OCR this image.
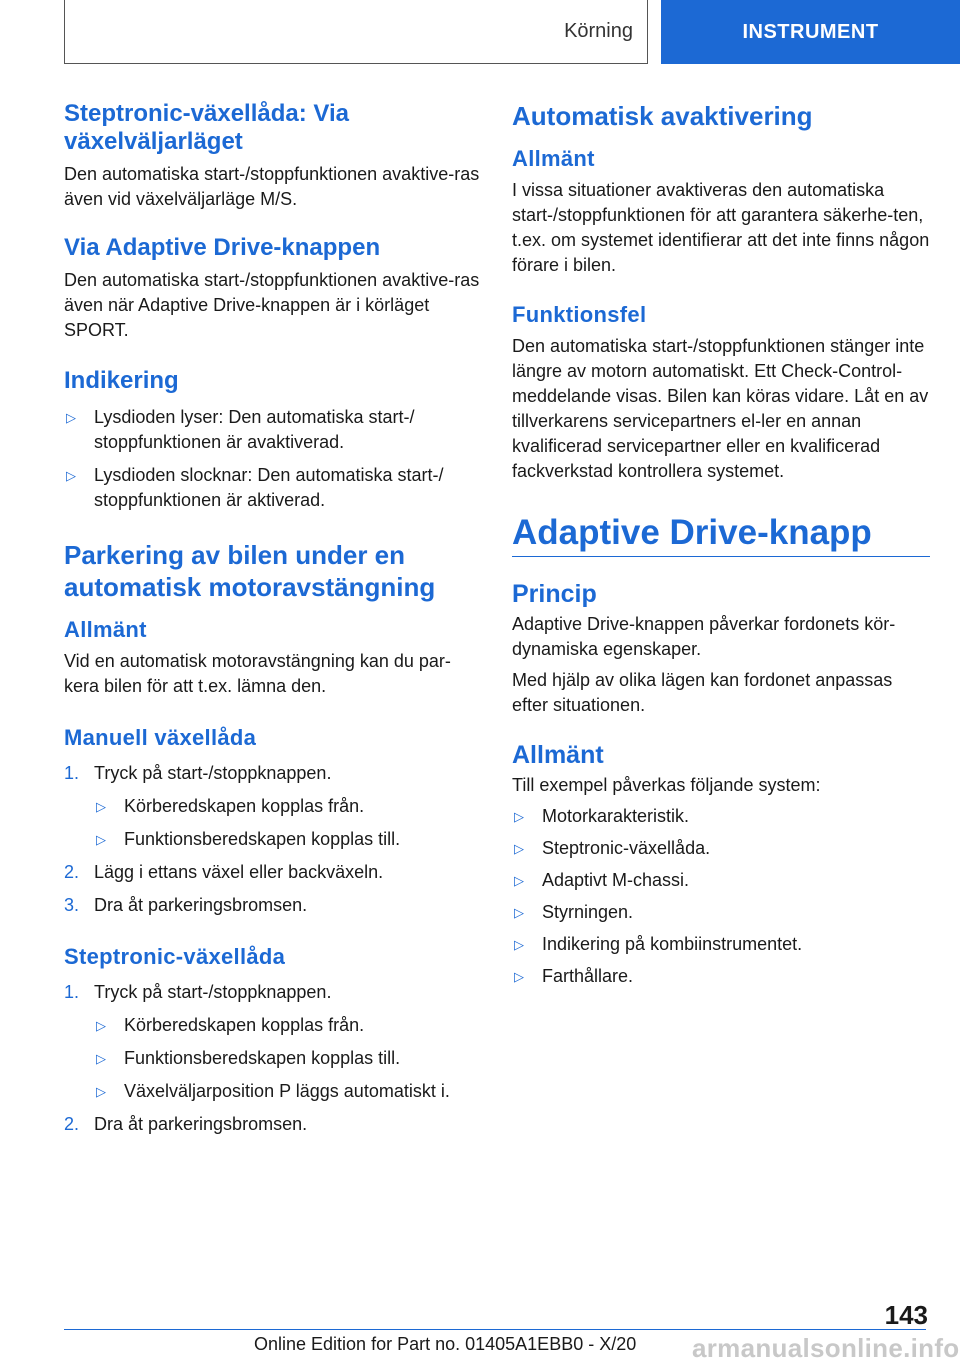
Körning	INSTRUMENT
Steptronic-växellåda: Via växelväljarläget

Den automatiska start-/stoppfunktionen avaktive-ras även vid växelväljarläge M/S.

Via Adaptive Drive-knappen

Den automatiska start-/stoppfunktionen avaktive-ras även när Adaptive Drive-knappen är i körläget SPORT.

Indikering
▷ Lysdioden lyser: Den automatiska start-/ stoppfunktionen är avaktiverad.
▷ Lysdioden slocknar: Den automatiska start-/ stoppfunktionen är aktiverad.
Parkering av bilen under en automatisk motoravstängning
Allmänt

Vid en automatisk motoravstängning kan du par-kera bilen för att t.ex. lämna den.

Manuell växellåda
1. Tryck på start-/stoppknappen.
▷ Körberedskapen kopplas från.
▷ Funktionsberedskapen kopplas till.
2. Lägg i ettans växel eller backväxeln.
3. Dra åt parkeringsbromsen.
Steptronic-växellåda
1. Tryck på start-/stoppknappen.
▷ Körberedskapen kopplas från.
▷ Funktionsberedskapen kopplas till.
▷ Växelväljarposition P läggs automatiskt i.
2. Dra åt parkeringsbromsen.
Automatisk avaktivering
Allmänt

I vissa situationer avaktiveras den automatiska start-/stoppfunktionen för att garantera säkerhe-ten, t.ex. om systemet identifierar att det inte finns någon förare i bilen.

Funktionsfel

Den automatiska start-/stoppfunktionen stänger inte längre av motorn automatiskt. Ett Check-Control-meddelande visas. Bilen kan köras vidare. Låt en av tillverkarens servicepartners el-ler en annan kvalificerad servicepartner eller en kvalificerad fackverkstad kontrollera systemet.

Adaptive Drive-knapp
Princip

Adaptive Drive-knappen påverkar fordonets kör-dynamiska egenskaper.

Med hjälp av olika lägen kan fordonet anpassas efter situationen.

Allmänt

Till exempel påverkas följande system:

▷ Motorkarakteristik.
▷ Steptronic-växellåda.
▷ Adaptivt M-chassi.
▷ Styrningen.
▷ Indikering på kombiinstrumentet.
▷ Farthållare.
143
Online Edition for Part no. 01405A1EBB0 - X/20 armanualsonline.info
